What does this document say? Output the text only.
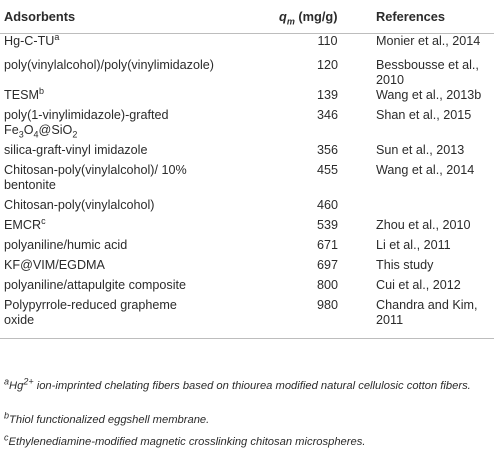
Adsorbents	$q_m$ (mg/g)	References
$Hg-C-TU^a$	110	Monier et al., 2014
poly(vinylalcohol)/poly(vinylimidazole)	120	Bessbousse et al., 2010
TESM$^b$	139	Wang et al., 2013b
poly(1-vinylimidazole)-grafted
$Fe_3O_4@SiO_2$	346	Shan et al., 2015
silica-graft-vinyl imidazole	356	Sun et al., 2013
Chitosan-poly(vinylalcohol)/ 10%
bentonite	455	Wang et al., 2014
Chitosan-poly(vinylalcohol)	460	
EMCR$^c$	539	Zhou et al., 2010
polyaniline/humic acid	671	Li et al., 2011
KF@VIM/EGDMA	697	This study
polyaniline/attapulgite composite	800	Cui et al., 2012
Polypyrrole-reduced grapheme
oxide	980	Chandra and Kim, 2011
$^aHg^{2+}$ ion-imprinted chelating fibers based on thiourea modified natural cellulosic cotton fibers.
$^b$Thiol functionalized eggshell membrane.
$^c$Ethylenediamine-modified magnetic crosslinking chitosan microspheres.
